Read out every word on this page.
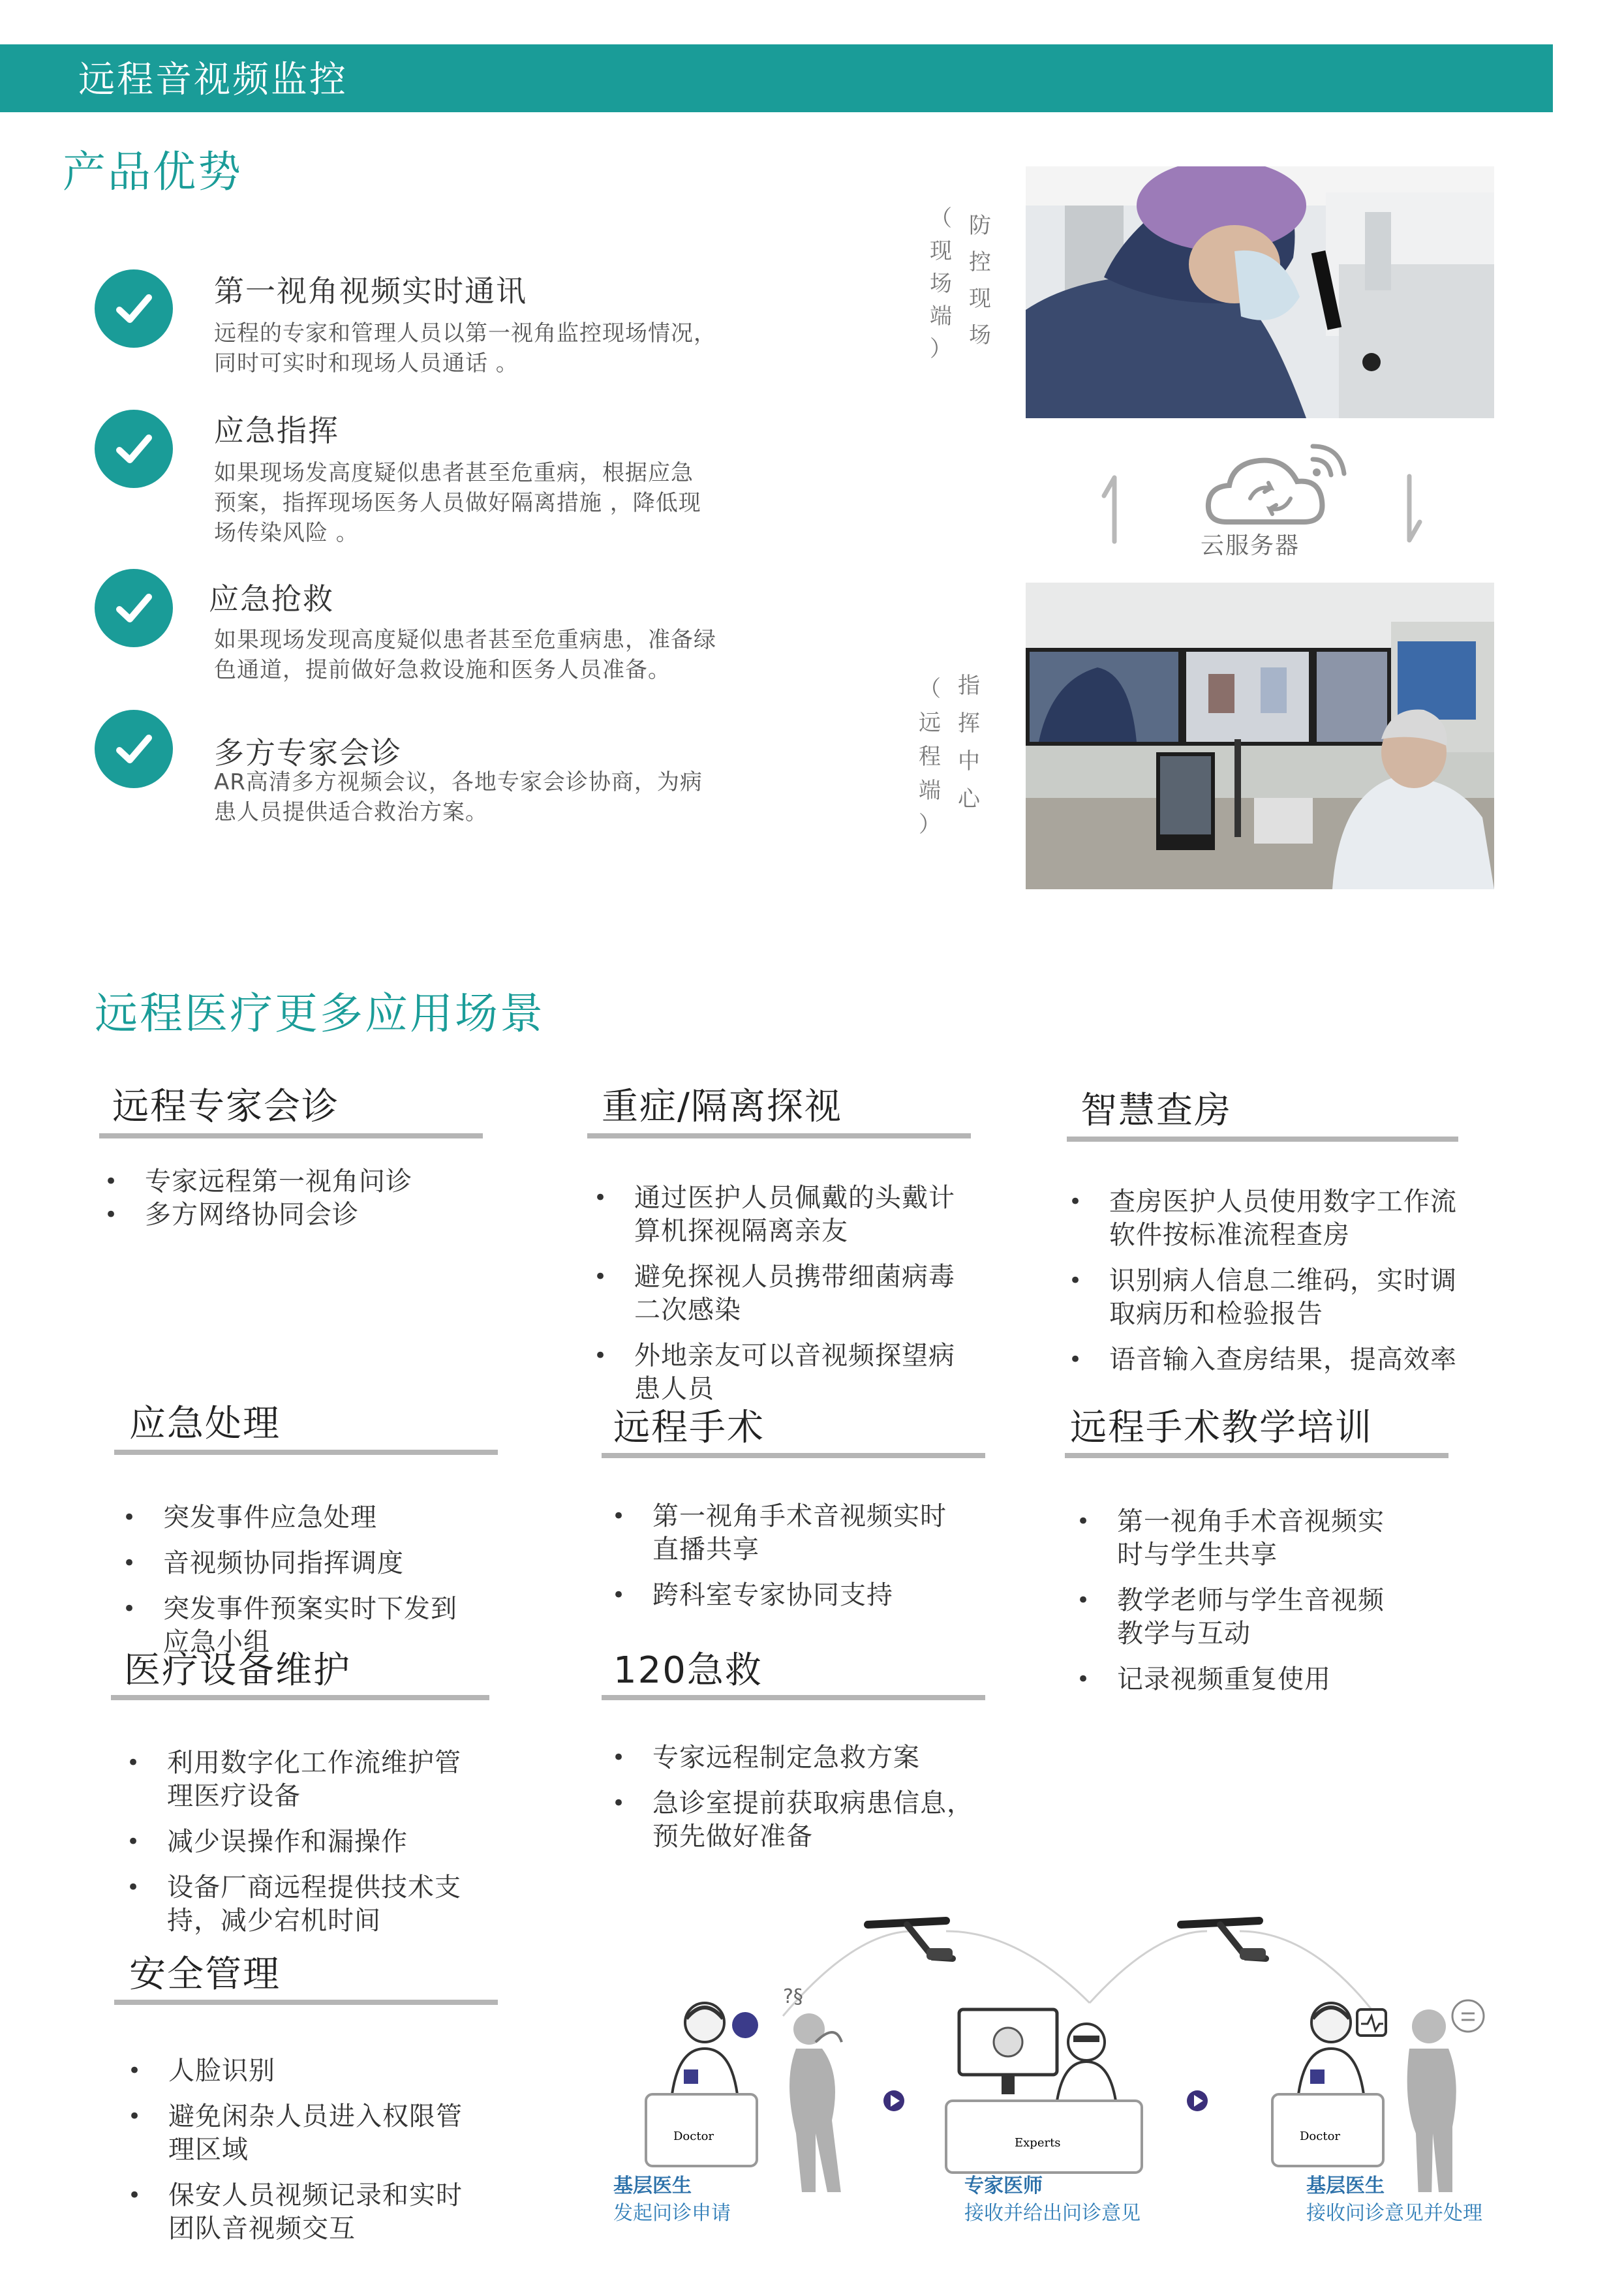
远程音视频监控
产品优势
第一视角视频实时通讯
远程的专家和管理人员以第一视角监控现场情况，
同时可实时和现场人员通话 。
应急指挥
如果现场发高度疑似患者甚至危重病，根据应急
预案，指挥现场医务人员做好隔离措施 ，降低现
场传染风险 。
应急抢救
如果现场发现高度疑似患者甚至危重病患，准备绿
色通道，提前做好急救设施和医务人员准备。
多方专家会诊
AR高清多方视频会议，各地专家会诊协商，为病
患人员提供适合救治方案。
防
控
现
场
（
现
场
端
）
云服务器
指
挥
中
心
（
远
程
端
）
远程医疗更多应用场景
远程专家会诊
• 专家远程第一视角问诊
• 多方网络协同会诊
重症/隔离探视

• 通过医护人员佩戴的头戴计
算机探视隔离亲友

• 避免探视人员携带细菌病毒
二次感染

• 外地亲友可以音视频探望病
患人员

智慧查房

• 查房医护人员使用数字工作流
软件按标准流程查房

• 识别病人信息二维码，实时调
取病历和检验报告

• 语音输入查房结果，提高效率

应急处理

• 突发事件应急处理

• 音视频协同指挥调度

• 突发事件预案实时下发到
应急小组

远程手术

• 第一视角手术音视频实时
直播共享

• 跨科室专家协同支持

远程手术教学培训

• 第一视角手术音视频实
时与学生共享

• 教学老师与学生音视频
教学与互动

• 记录视频重复使用

医疗设备维护

• 利用数字化工作流维护管
理医疗设备

• 减少误操作和漏操作

• 设备厂商远程提供技术支
持，减少宕机时间

120急救

• 专家远程制定急救方案

• 急诊室提前获取病患信息，
预先做好准备

安全管理

• 人脸识别

• 避免闲杂人员进入权限管
理区域

• 保安人员视频记录和实时
团队音视频交互

Doctor
?§
Experts	Doctor
基层医生
发起问诊申请
专家医师
接收并给出问诊意见
基层医生
接收问诊意见并处理
